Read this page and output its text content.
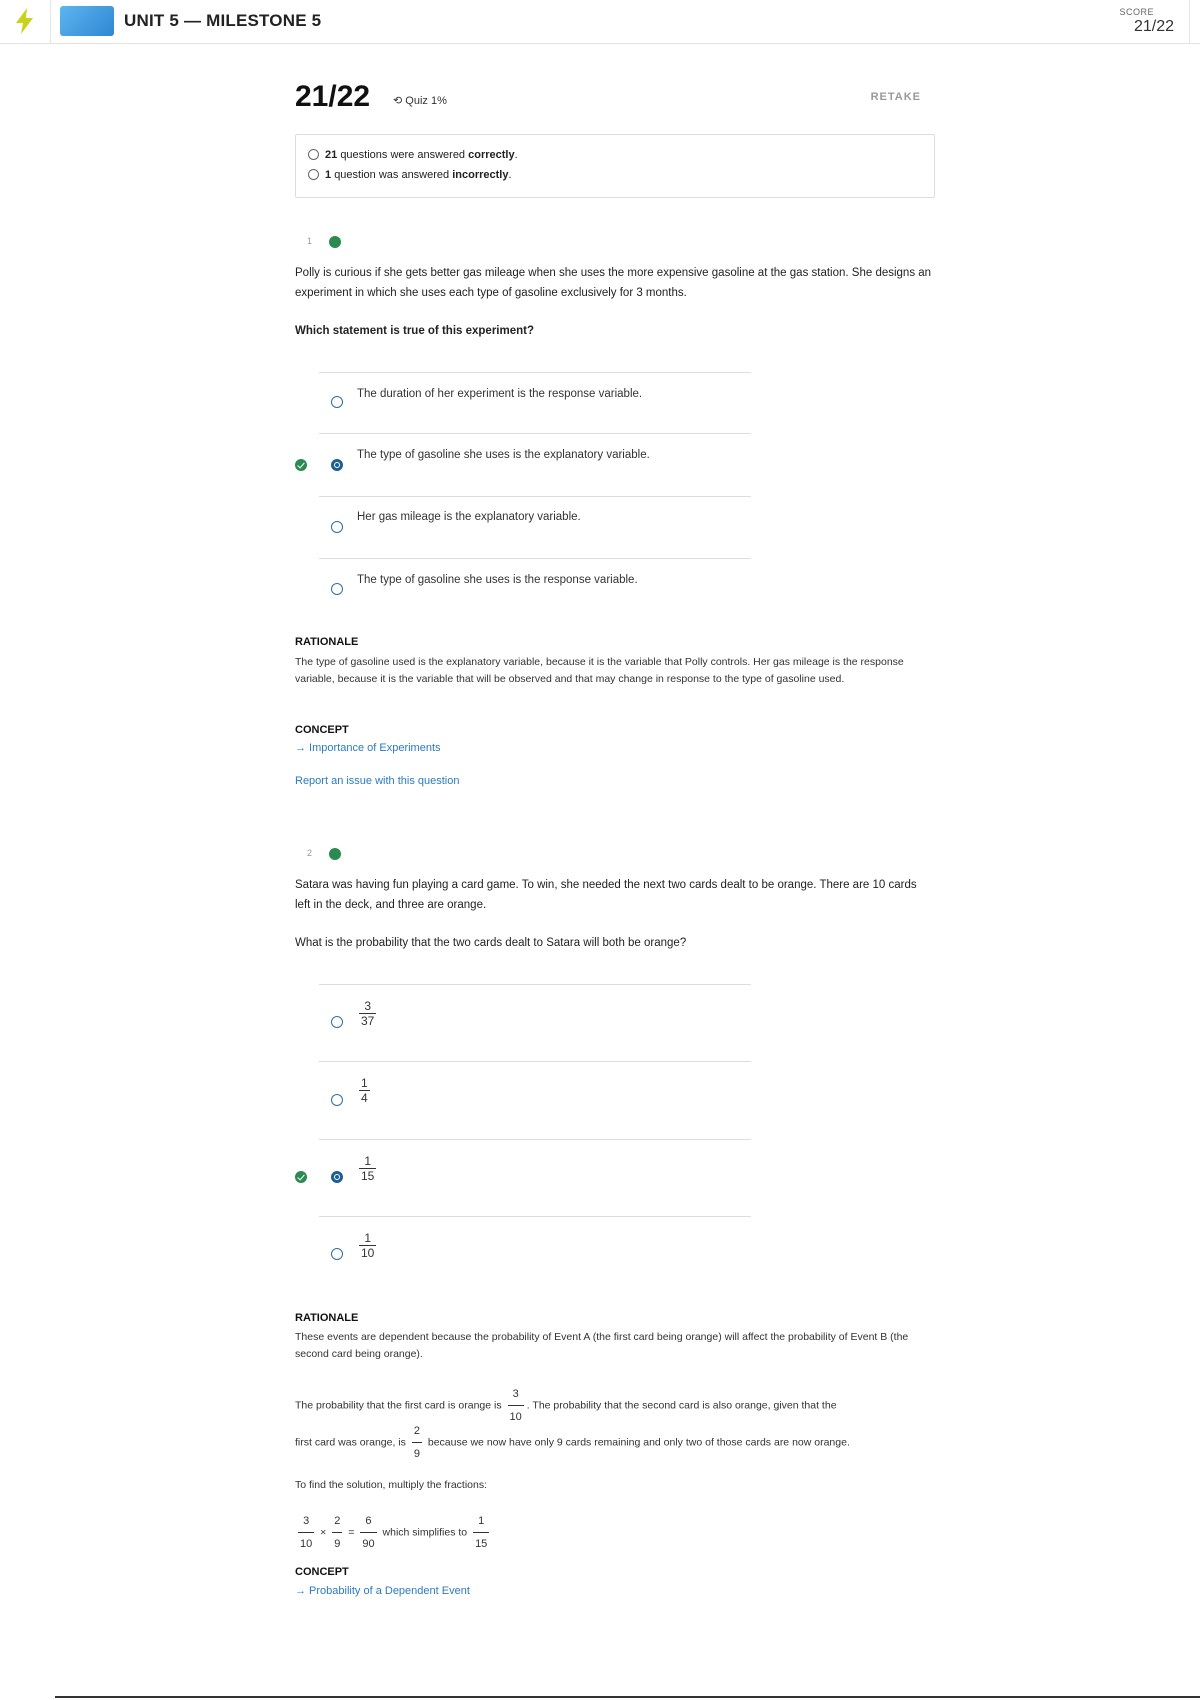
UNIT 5 — MILESTONE 5	SCORE
21/22
21/22 ⟲ Quiz 1%	RETAKE
21 questions were answered correctly.
1 question was answered incorrectly.
1
Polly is curious if she gets better gas mileage when she uses the more expensive gasoline at the gas station. She designs an experiment in which she uses each type of gasoline exclusively for 3 months.
Which statement is true of this experiment?
The duration of her experiment is the response variable.
The type of gasoline she uses is the explanatory variable.
Her gas mileage is the explanatory variable.
The type of gasoline she uses is the response variable.
RATIONALE
The type of gasoline used is the explanatory variable, because it is the variable that Polly controls. Her gas mileage is the response variable, because it is the variable that will be observed and that may change in response to the type of gasoline used.
CONCEPT
→ Importance of Experiments
Report an issue with this question
2
Satara was having fun playing a card game. To win, she needed the next two cards dealt to be orange. There are 10 cards left in the deck, and three are orange.
What is the probability that the two cards dealt to Satara will both be orange?
$\frac{3}{37}$
$\frac{1}{4}$
$\frac{1}{15}$
$\frac{1}{10}$
RATIONALE
These events are dependent because the probability of Event A (the first card being orange) will affect the probability of Event B (the second card being orange).
The probability that the first card is orange is $\frac{3}{10}$ . The probability that the second card is also orange, given that the
first card was orange, is $\frac{2}{9}$ because we now have only 9 cards remaining and only two of those cards are now orange.
To find the solution, multiply the fractions:
$\frac{3}{10} \times \frac{2}{9} = \frac{6}{90}$ which simplifies to $\frac{1}{15}$
CONCEPT
→ Probability of a Dependent Event
